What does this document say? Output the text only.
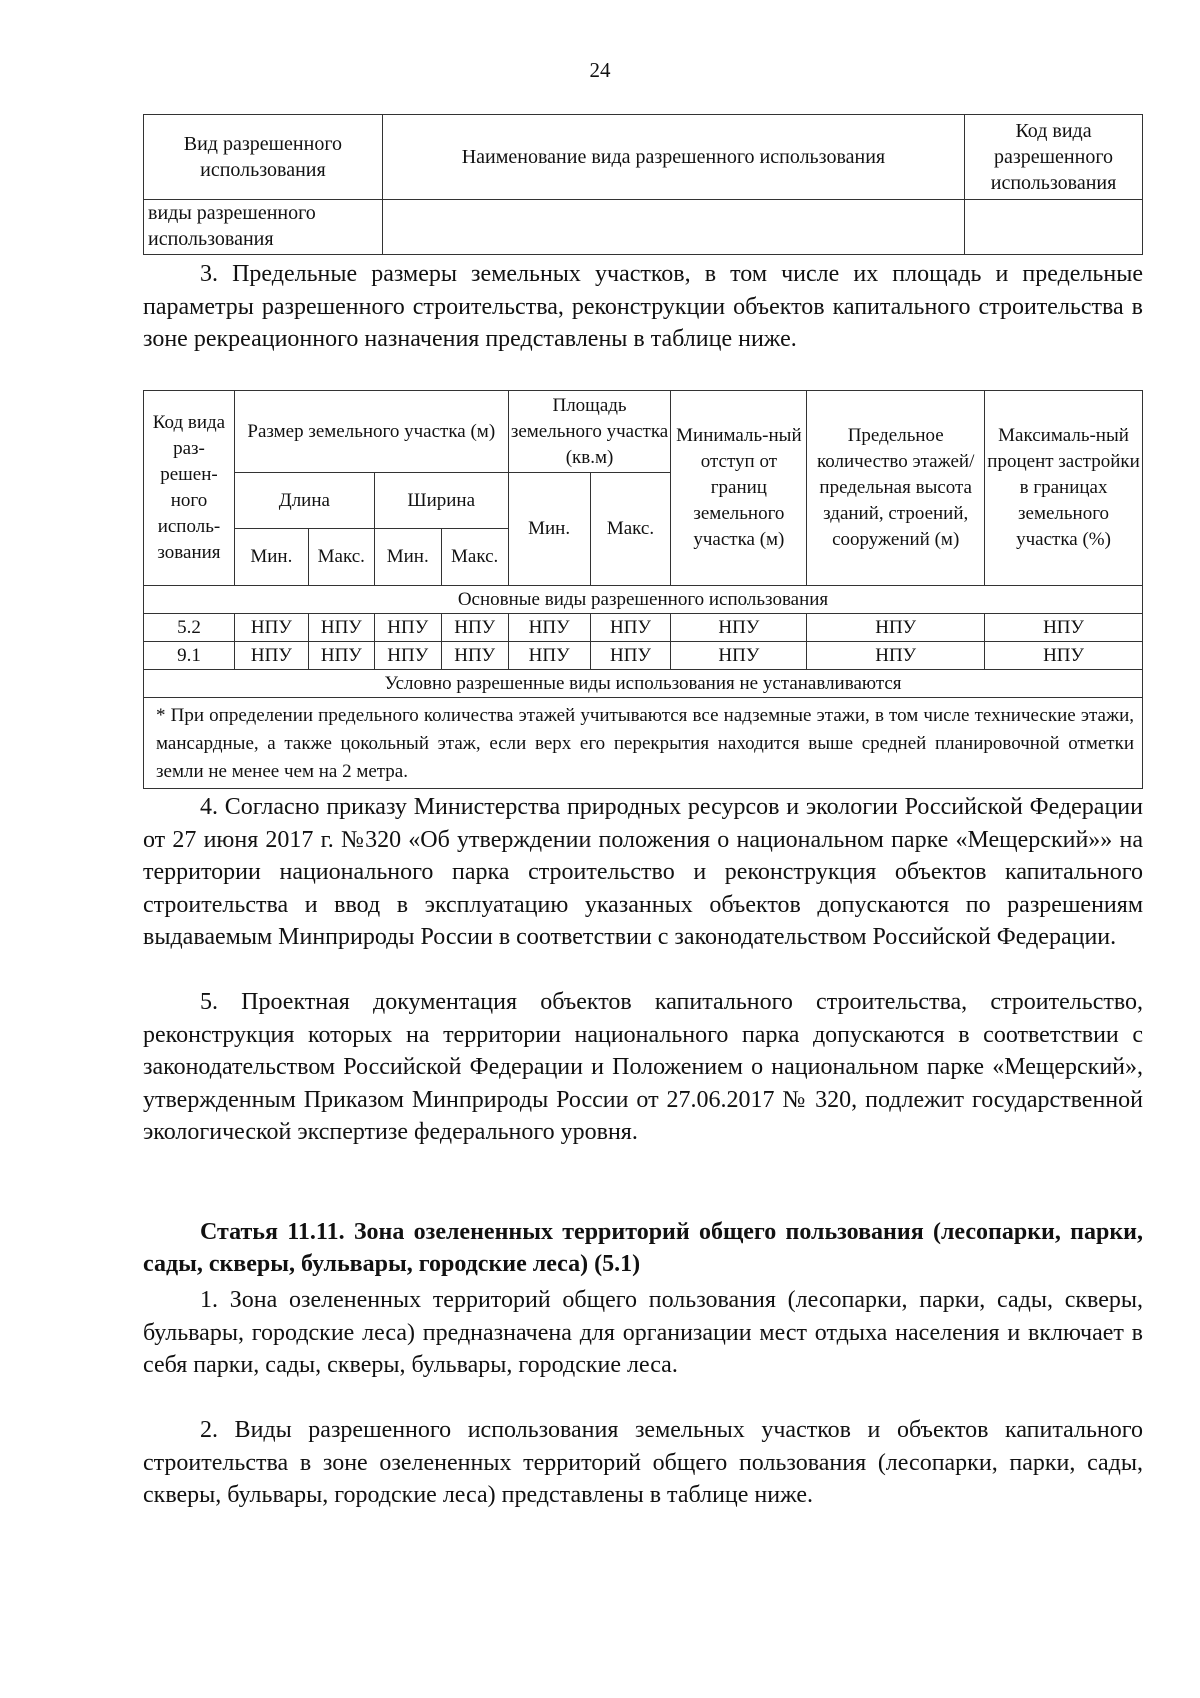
24
Вид разрешенного использования	Наименование вида разрешенного использования	Код вида разрешенного использования
виды разрешенного использования		

3. Предельные размеры земельных участков, в том числе их площадь и предельные параметры разрешенного строительства, реконструкции объектов капитального строительства в зоне рекреационного назначения представлены в таблице ниже.

Код вида раз-решен-ного исполь-зования	Размер земельного участка (м)				Площадь земельного участка (кв.м)		Минималь-ный отступ от границ земельного участка (м)	Предельное количество этажей/ предельная высота зданий, строений, сооружений (м)	Максималь-ный процент застройки в границах земельного участка (%)
	Длина		Ширина		Мин.	Макс.			
	Мин.	Макс.	Мин.	Макс.					
Основные виды разрешенного использования									
5.2	НПУ	НПУ	НПУ	НПУ	НПУ	НПУ	НПУ	НПУ	НПУ
9.1	НПУ	НПУ	НПУ	НПУ	НПУ	НПУ	НПУ	НПУ	НПУ
Условно разрешенные виды использования не устанавливаются									
* При определении предельного количества этажей учитываются все надземные этажи, в том числе технические этажи, мансардные, а также цокольный этаж, если верх его перекрытия находится выше средней планировочной отметки земли не менее чем на 2 метра.									

4. Согласно приказу Министерства природных ресурсов и экологии Российской Федерации от 27 июня 2017 г. №320 «Об утверждении положения о национальном парке «Мещерский»» на территории национального парка строительство и реконструкция объектов капитального строительства и ввод в эксплуатацию указанных объектов допускаются по разрешениям выдаваемым Минприроды России в соответствии с законодательством Российской Федерации.

5. Проектная документация объектов капитального строительства, строительство, реконструкция которых на территории национального парка допускаются в соответствии с законодательством Российской Федерации и Положением о национальном парке «Мещерский», утвержденным Приказом Минприроды России от 27.06.2017 № 320, подлежит государственной экологической экспертизе федерального уровня.

Статья 11.11. Зона озелененных территорий общего пользования (лесопарки, парки, сады, скверы, бульвары, городские леса) (5.1)

1. Зона озелененных территорий общего пользования (лесопарки, парки, сады, скверы, бульвары, городские леса) предназначена для организации мест отдыха населения и включает в себя парки, сады, скверы, бульвары, городские леса.

2. Виды разрешенного использования земельных участков и объектов капитального строительства в зоне озелененных территорий общего пользования (лесопарки, парки, сады, скверы, бульвары, городские леса) представлены в таблице ниже.
